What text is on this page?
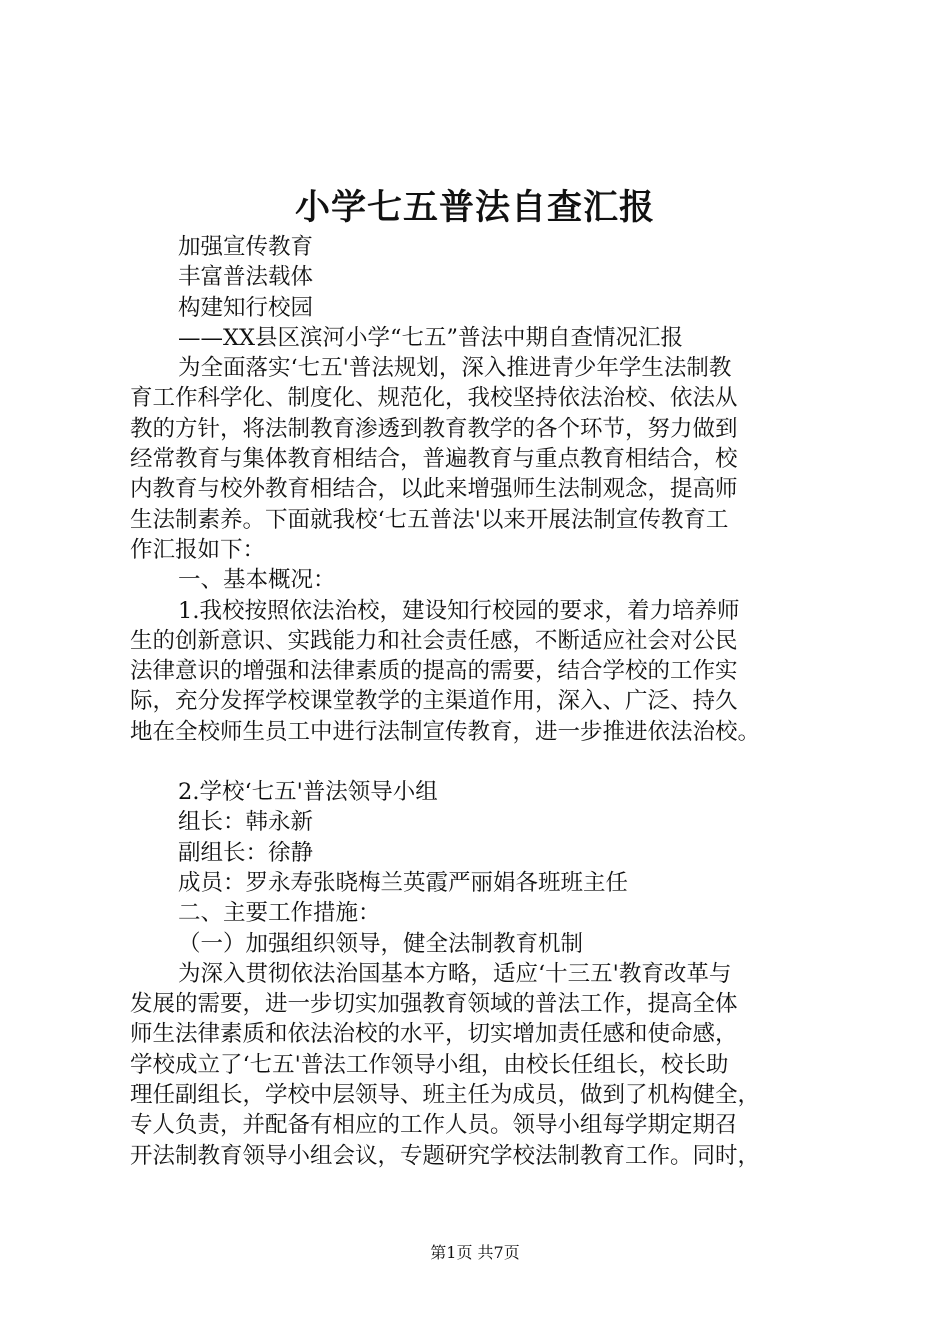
小学七五普法自查汇报

加强宣传教育

丰富普法载体

构建知行校园

——XX县区滨河小学“七五”普法中期自查情况汇报

为全面落实‘七五'普法规划，深入推进青少年学生法制教

育工作科学化、制度化、规范化，我校坚持依法治校、依法从

教的方针，将法制教育渗透到教育教学的各个环节，努力做到

经常教育与集体教育相结合，普遍教育与重点教育相结合，校

内教育与校外教育相结合，以此来增强师生法制观念，提高师

生法制素养。下面就我校‘七五普法'以来开展法制宣传教育工

作汇报如下：

一、基本概况：

1.我校按照依法治校，建设知行校园的要求，着力培养师

生的创新意识、实践能力和社会责任感，不断适应社会对公民

法律意识的增强和法律素质的提高的需要，结合学校的工作实

际，充分发挥学校课堂教学的主渠道作用，深入、广泛、持久

地在全校师生员工中进行法制宣传教育，进一步推进依法治校。

2.学校‘七五'普法领导小组

组长：韩永新

副组长：徐静

成员：罗永寿张晓梅兰英霞严丽娟各班班主任

二、主要工作措施：

（一）加强组织领导，健全法制教育机制

为深入贯彻依法治国基本方略，适应‘十三五'教育改革与

发展的需要，进一步切实加强教育领域的普法工作，提高全体

师生法律素质和依法治校的水平，切实增加责任感和使命感，

学校成立了‘七五'普法工作领导小组，由校长任组长，校长助

理任副组长，学校中层领导、班主任为成员，做到了机构健全，

专人负责，并配备有相应的工作人员。领导小组每学期定期召

开法制教育领导小组会议，专题研究学校法制教育工作。同时，

第1页 共7页
